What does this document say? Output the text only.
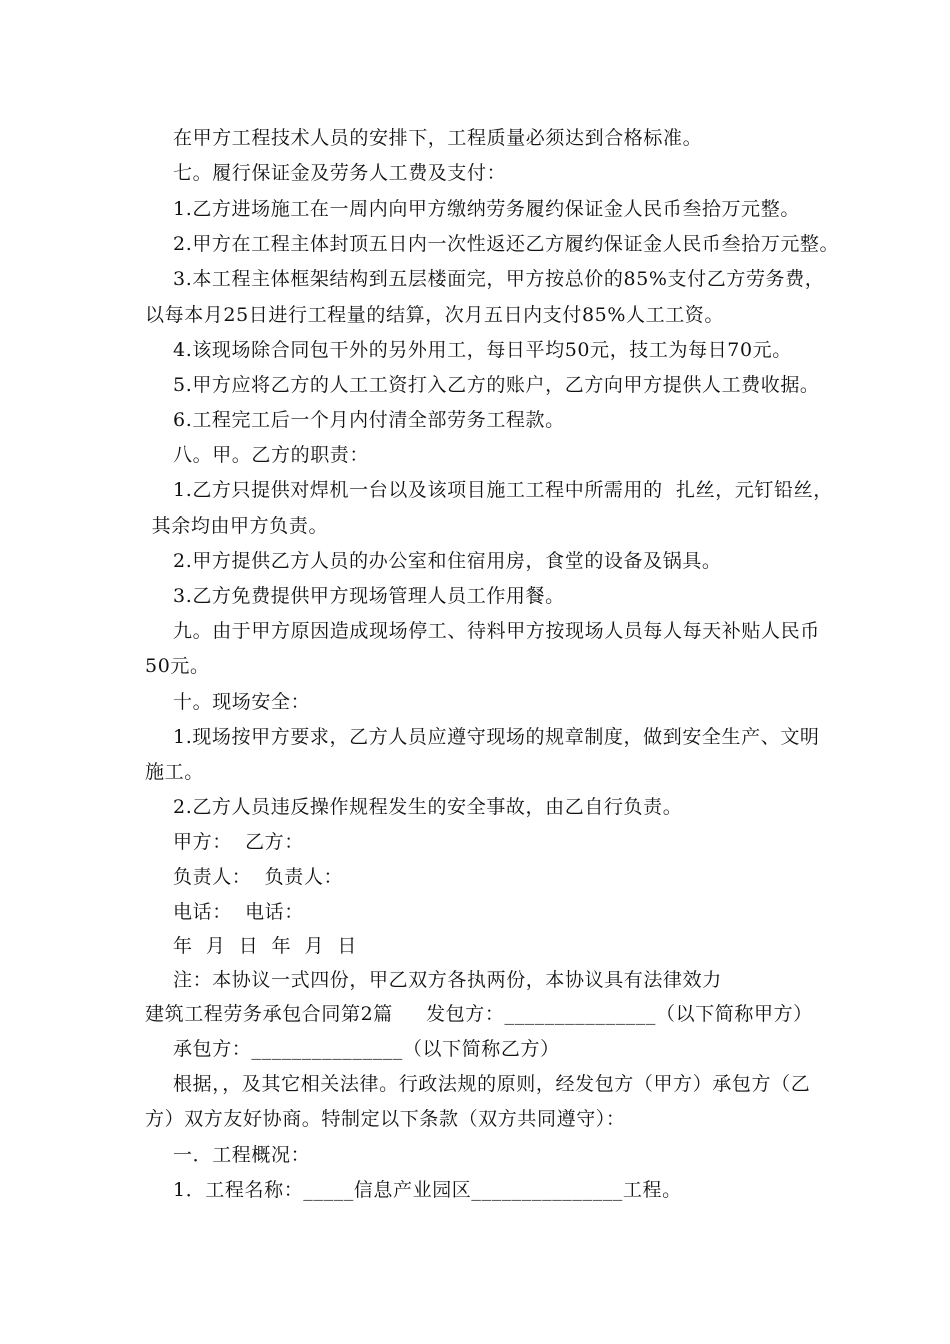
在甲方工程技术人员的安排下，工程质量必须达到合格标准。
七。履行保证金及劳务人工费及支付：
1.乙方进场施工在一周内向甲方缴纳劳务履约保证金人民币叁拾万元整。
2.甲方在工程主体封顶五日内一次性返还乙方履约保证金人民币叁拾万元整。
3.本工程主体框架结构到五层楼面完，甲方按总价的85%支付乙方劳务费，
以每本月25日进行工程量的结算，次月五日内支付85%人工工资。
4.该现场除合同包干外的另外用工，每日平均50元，技工为每日70元。
5.甲方应将乙方的人工工资打入乙方的账户，乙方向甲方提供人工费收据。
6.工程完工后一个月内付清全部劳务工程款。
八。甲。乙方的职责：
1.乙方只提供对焊机一台以及该项目施工工程中所需用的  扎丝，元钉铅丝，
其余均由甲方负责。
2.甲方提供乙方人员的办公室和住宿用房，食堂的设备及锅具。
3.乙方免费提供甲方现场管理人员工作用餐。
九。由于甲方原因造成现场停工、待料甲方按现场人员每人每天补贴人民币
50元。
十。现场安全：
1.现场按甲方要求，乙方人员应遵守现场的规章制度，做到安全生产、文明
施工。
2.乙方人员违反操作规程发生的安全事故，由乙自行负责。
甲方：  乙方：
负责人：  负责人：
电话：  电话：
年  月  日  年  月  日
注：本协议一式四份，甲乙双方各执两份，本协议具有法律效力
建筑工程劳务承包合同第2篇     发包方：_______________（以下简称甲方）
承包方：_______________（以下简称乙方）
根据，，及其它相关法律。行政法规的原则，经发包方（甲方）承包方（乙
方）双方友好协商。特制定以下条款（双方共同遵守）：
一．工程概况：
1．工程名称：_____信息产业园区_______________工程。
